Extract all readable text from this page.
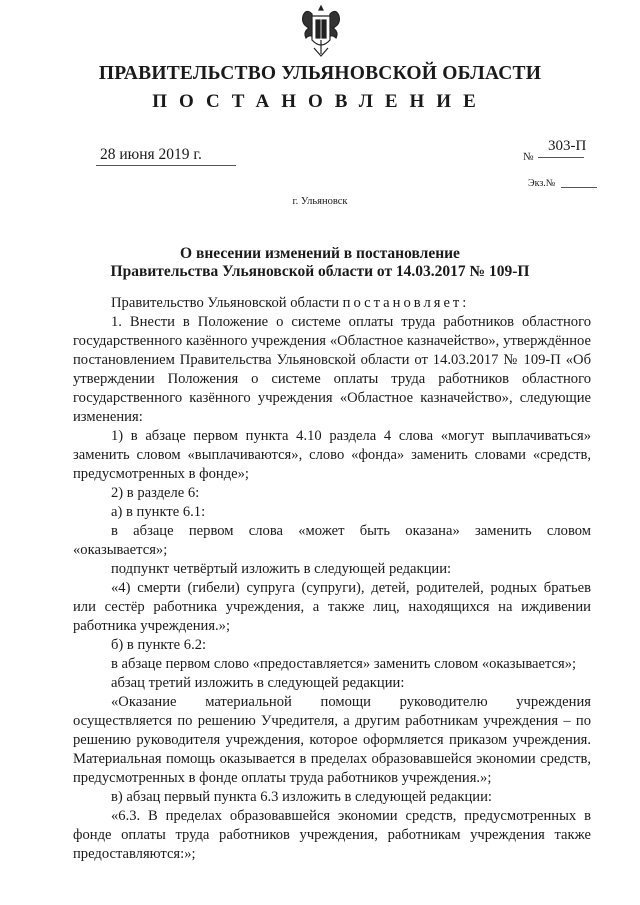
ПРАВИТЕЛЬСТВО УЛЬЯНОВСКОЙ ОБЛАСТИ
ПОСТАНОВЛЕНИЕ
28 июня 2019 г.	№
303-П
Экз.№
г. Ульяновск
О внесении изменений в постановление
Правительства Ульяновской области от 14.03.2017 № 109-П

Правительство Ульяновской области постановляет:

1. Внести в Положение о системе оплаты труда работников областного государственного казённого учреждения «Областное казначейство», утверждённое постановлением Правительства Ульяновской области от 14.03.2017 № 109-П «Об утверждении Положения о системе оплаты труда работников областного государственного казённого учреждения «Областное казначейство», следующие изменения:

1) в абзаце первом пункта 4.10 раздела 4 слова «могут выплачиваться» заменить словом «выплачиваются», слово «фонда» заменить словами «средств, предусмотренных в фонде»;

2) в разделе 6:

а) в пункте 6.1:

в абзаце первом слова «может быть оказана» заменить словом «оказывается»;

подпункт четвёртый изложить в следующей редакции:

«4) смерти (гибели) супруга (супруги), детей, родителей, родных братьев или сестёр работника учреждения, а также лиц, находящихся на иждивении работника учреждения.»;

б) в пункте 6.2:

в абзаце первом слово «предоставляется» заменить словом «оказывается»;

абзац третий изложить в следующей редакции:

«Оказание материальной помощи руководителю учреждения осуществляется по решению Учредителя, а другим работникам учреждения – по решению руководителя учреждения, которое оформляется приказом учреждения. Материальная помощь оказывается в пределах образовавшейся экономии средств, предусмотренных в фонде оплаты труда работников учреждения.»;

в) абзац первый пункта 6.3 изложить в следующей редакции:

«6.3. В пределах образовавшейся экономии средств, предусмотренных в фонде оплаты труда работников учреждения, работникам учреждения также предоставляются:»;
